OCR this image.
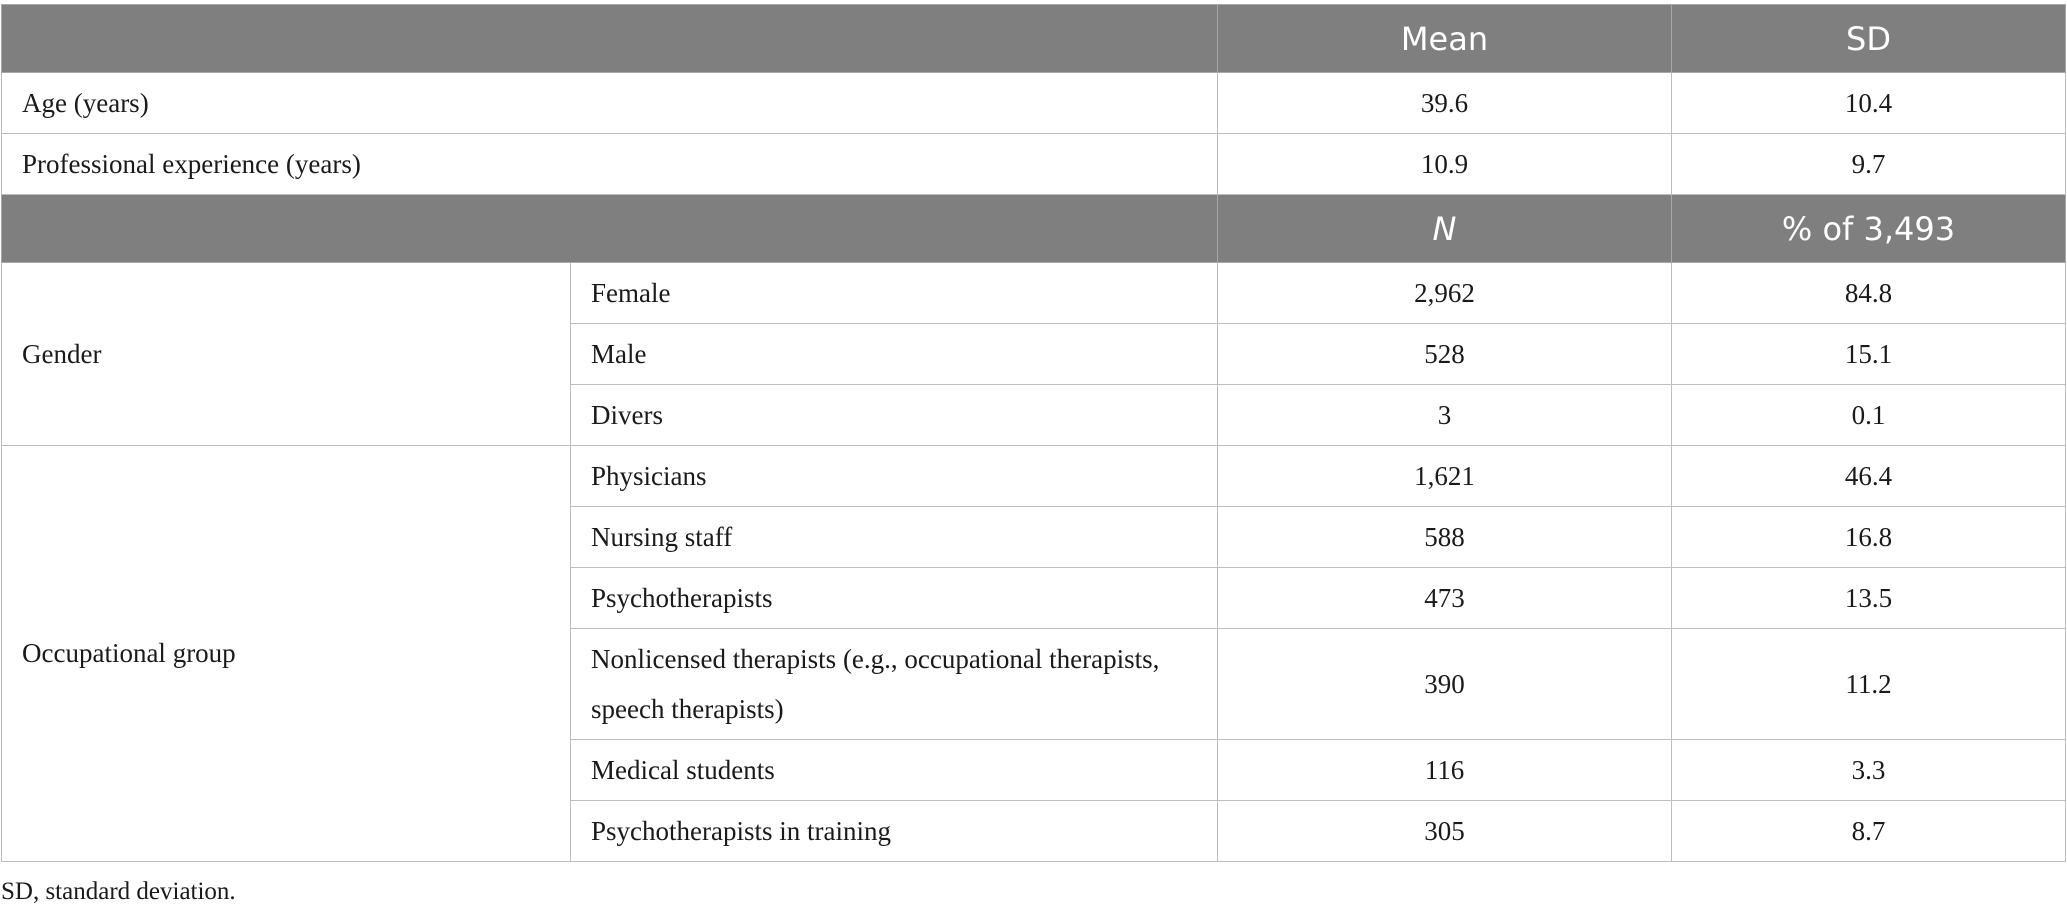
		Mean	SD
Age (years)		39.6	10.4
Professional experience (years)		10.9	9.7
		N	% of 3,493
Gender	Female	2,962	84.8
	Male	528	15.1
	Divers	3	0.1
Occupational group	Physicians	1,621	46.4
	Nursing staff	588	16.8
	Psychotherapists	473	13.5
	Nonlicensed therapists (e.g., occupational therapists, speech therapists)	390	11.2
	Medical students	116	3.3
	Psychotherapists in training	305	8.7
SD, standard deviation.
